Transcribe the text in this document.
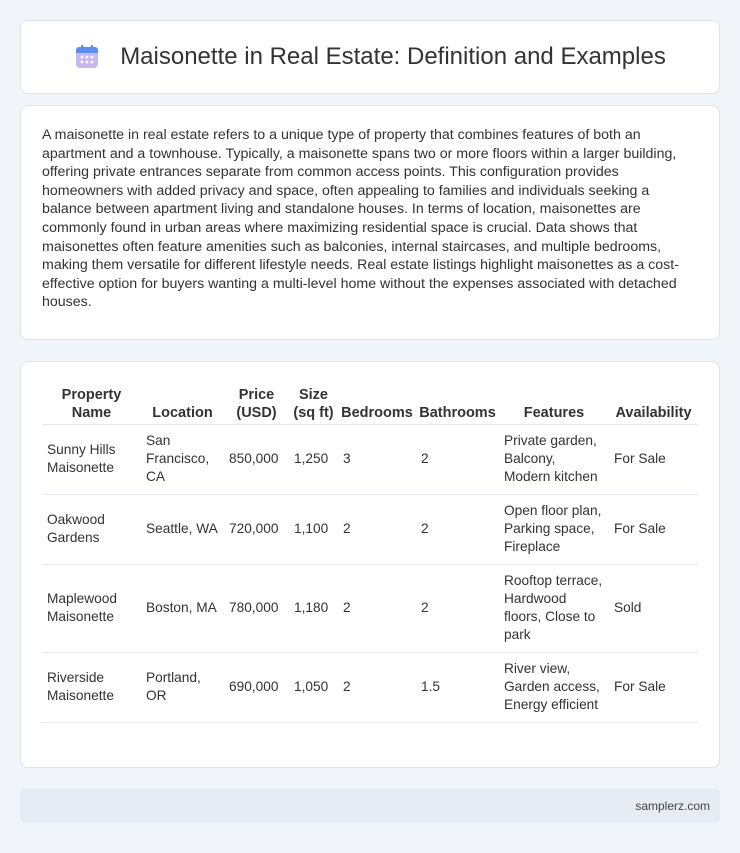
Maisonette in Real Estate: Definition and Examples

A maisonette in real estate refers to a unique type of property that combines features of both an apartment and a townhouse. Typically, a maisonette spans two or more floors within a larger building, offering private entrances separate from common access points. This configuration provides homeowners with added privacy and space, often appealing to families and individuals seeking a balance between apartment living and standalone houses. In terms of location, maisonettes are commonly found in urban areas where maximizing residential space is crucial. Data shows that maisonettes often feature amenities such as balconies, internal staircases, and multiple bedrooms, making them versatile for different lifestyle needs. Real estate listings highlight maisonettes as a cost-effective option for buyers wanting a multi-level home without the expenses associated with detached houses.

Property Name	Location	Price (USD)	Size (sq ft)	Bedrooms	Bathrooms	Features	Availability
Sunny Hills Maisonette	San Francisco, CA	850,000	1,250	3	2	Private garden, Balcony, Modern kitchen	For Sale
Oakwood Gardens	Seattle, WA	720,000	1,100	2	2	Open floor plan, Parking space, Fireplace	For Sale
Maplewood Maisonette	Boston, MA	780,000	1,180	2	2	Rooftop terrace, Hardwood floors, Close to park	Sold
Riverside Maisonette	Portland, OR	690,000	1,050	2	1.5	River view, Garden access, Energy efficient	For Sale
samplerz.com
